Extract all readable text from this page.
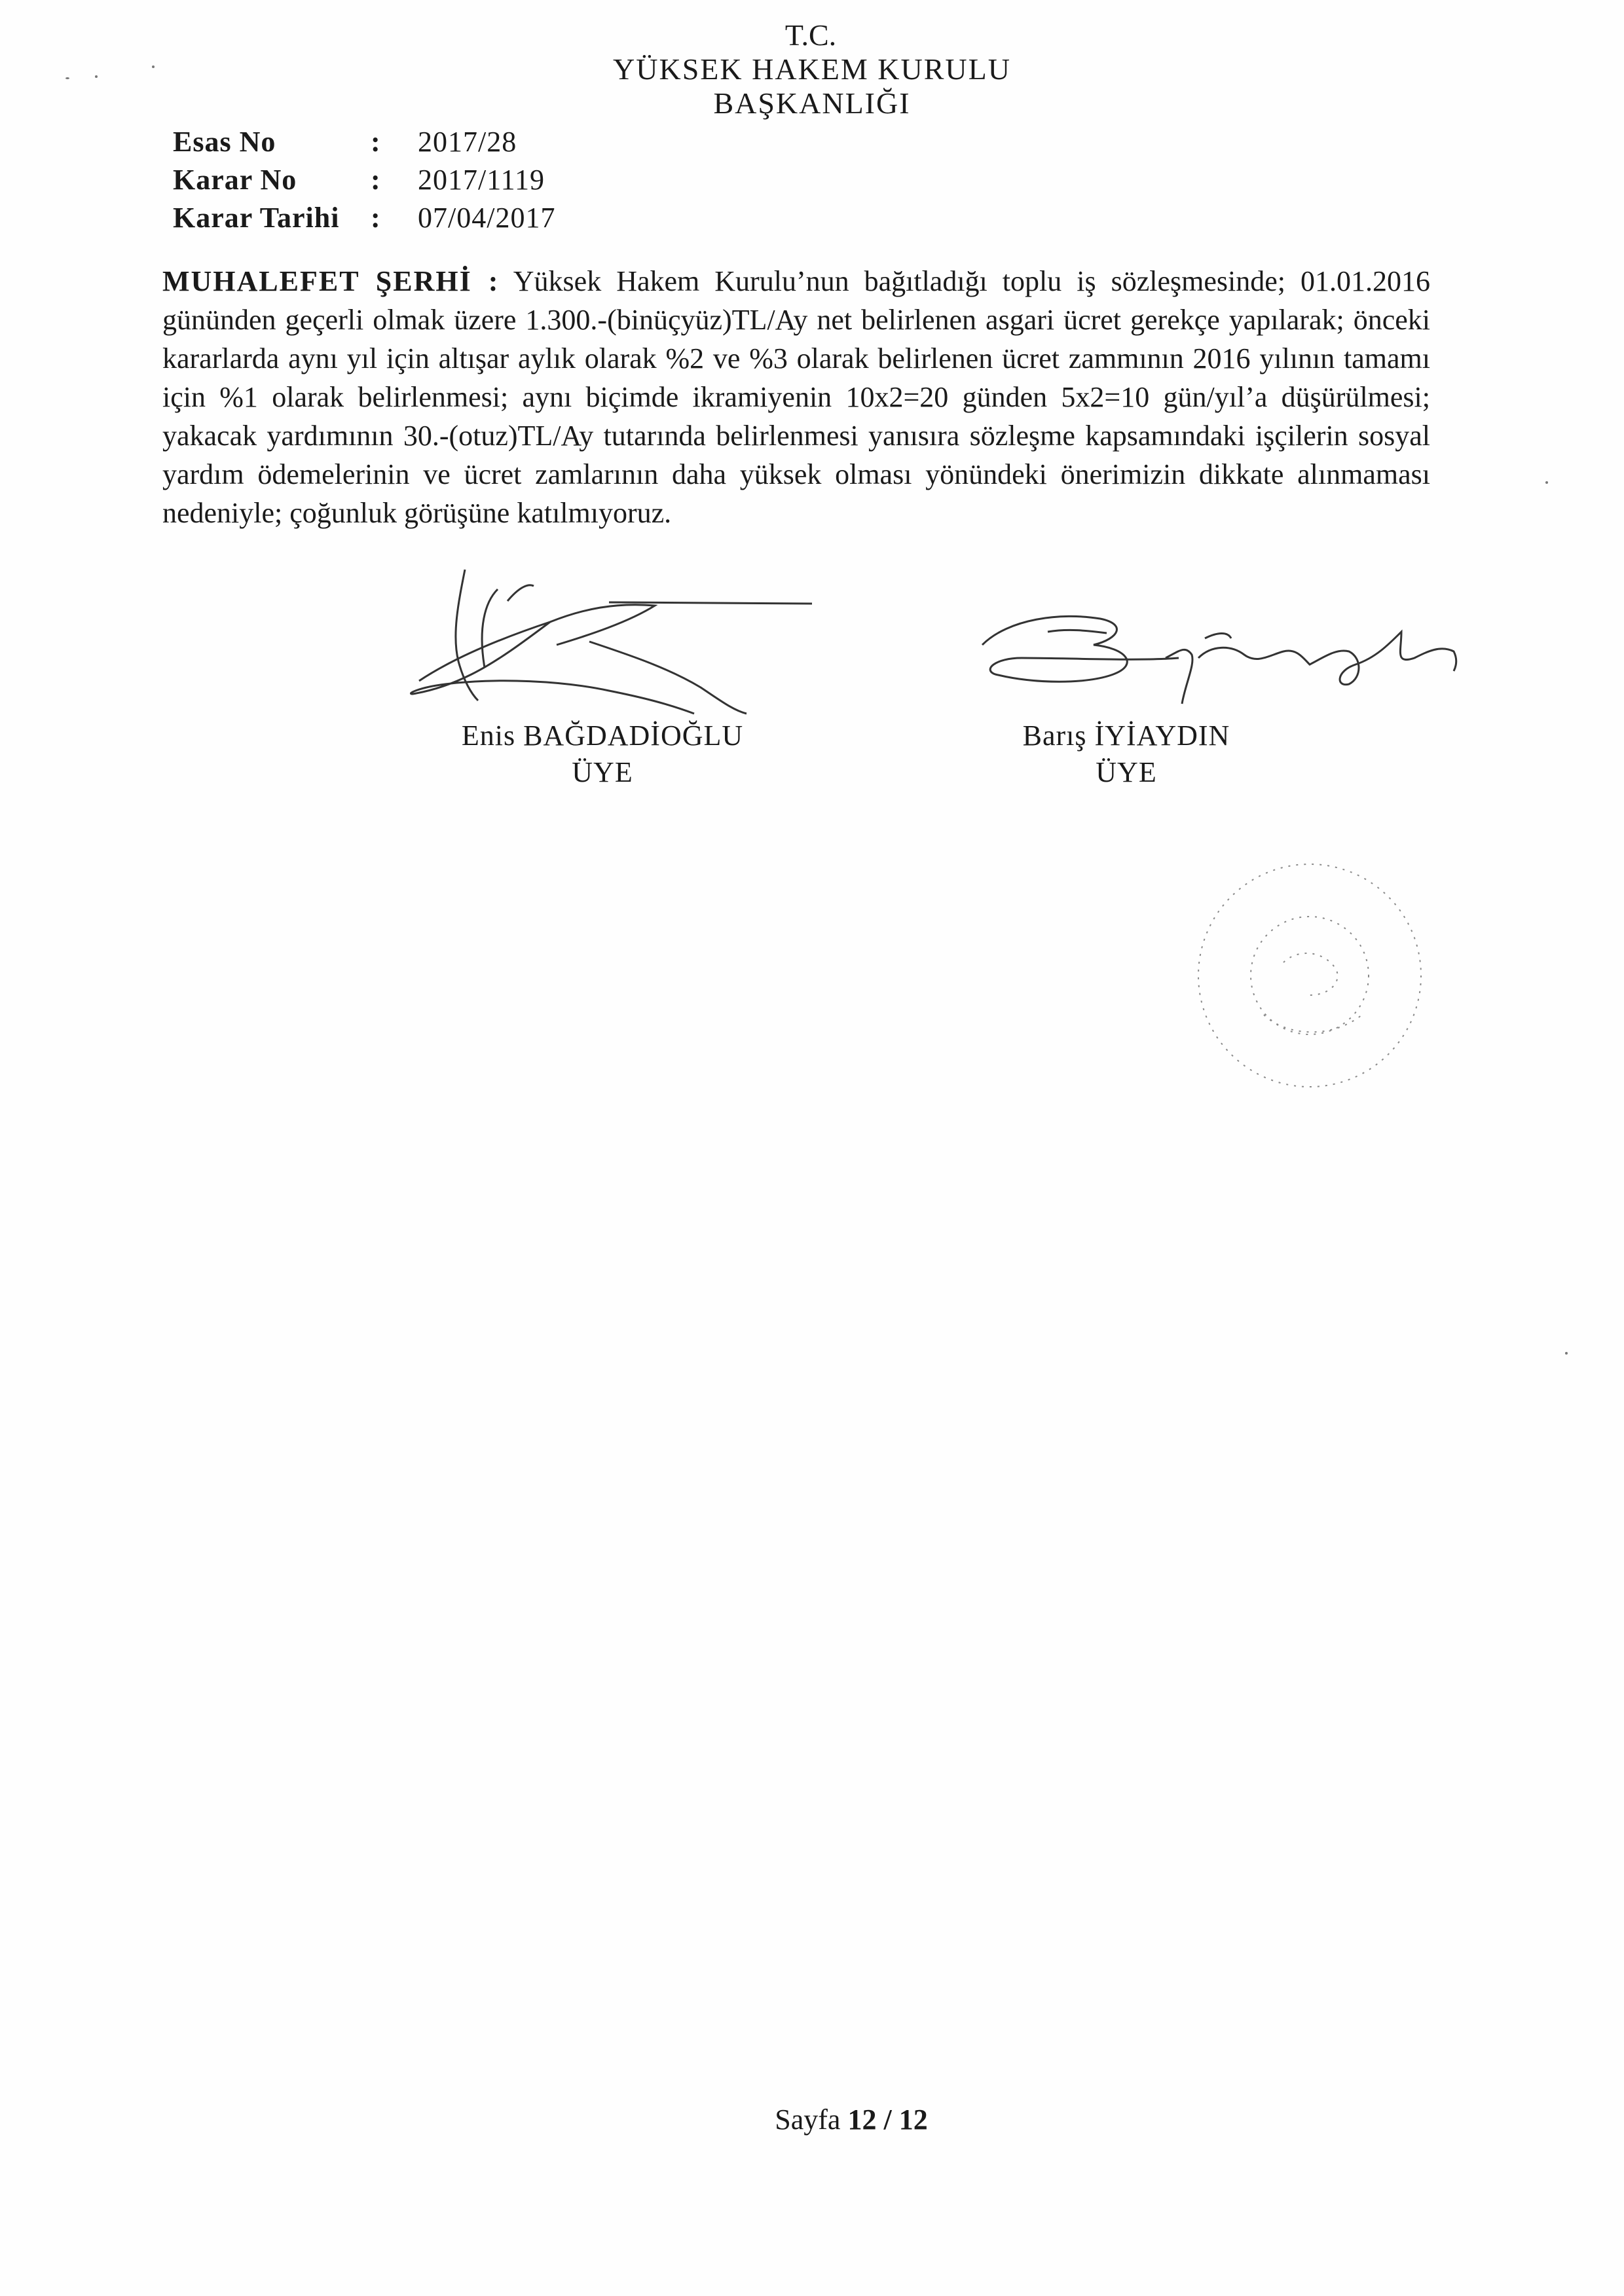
T.C.
YÜKSEK HAKEM KURULU
BAŞKANLIĞI
Esas No	:	2017/28
Karar No	:	2017/1119
Karar Tarihi	:	07/04/2017
MUHALEFET ŞERHİ : Yüksek Hakem Kurulu’nun bağıtladığı toplu iş sözleşmesinde; 01.01.2016 gününden geçerli olmak üzere 1.300.-(binüçyüz)TL/Ay net belirlenen asgari ücret gerekçe yapılarak; önceki kararlarda aynı yıl için altışar aylık olarak %2 ve %3 olarak belirlenen ücret zammının 2016 yılının tamamı için %1 olarak belirlenmesi; aynı biçimde ikramiyenin 10x2=20 günden 5x2=10 gün/yıl’a düşürülmesi; yakacak yardımının 30.-(otuz)TL/Ay tutarında belirlenmesi yanısıra sözleşme kapsamındaki işçilerin sosyal yardım ödemelerinin ve ücret zamlarının daha yüksek olması yönündeki önerimizin dikkate alınmaması nedeniyle; çoğunluk görüşüne katılmıyoruz.
Enis BAĞDADİOĞLU
ÜYE
Barış İYİAYDIN
ÜYE
Sayfa 12 / 12
